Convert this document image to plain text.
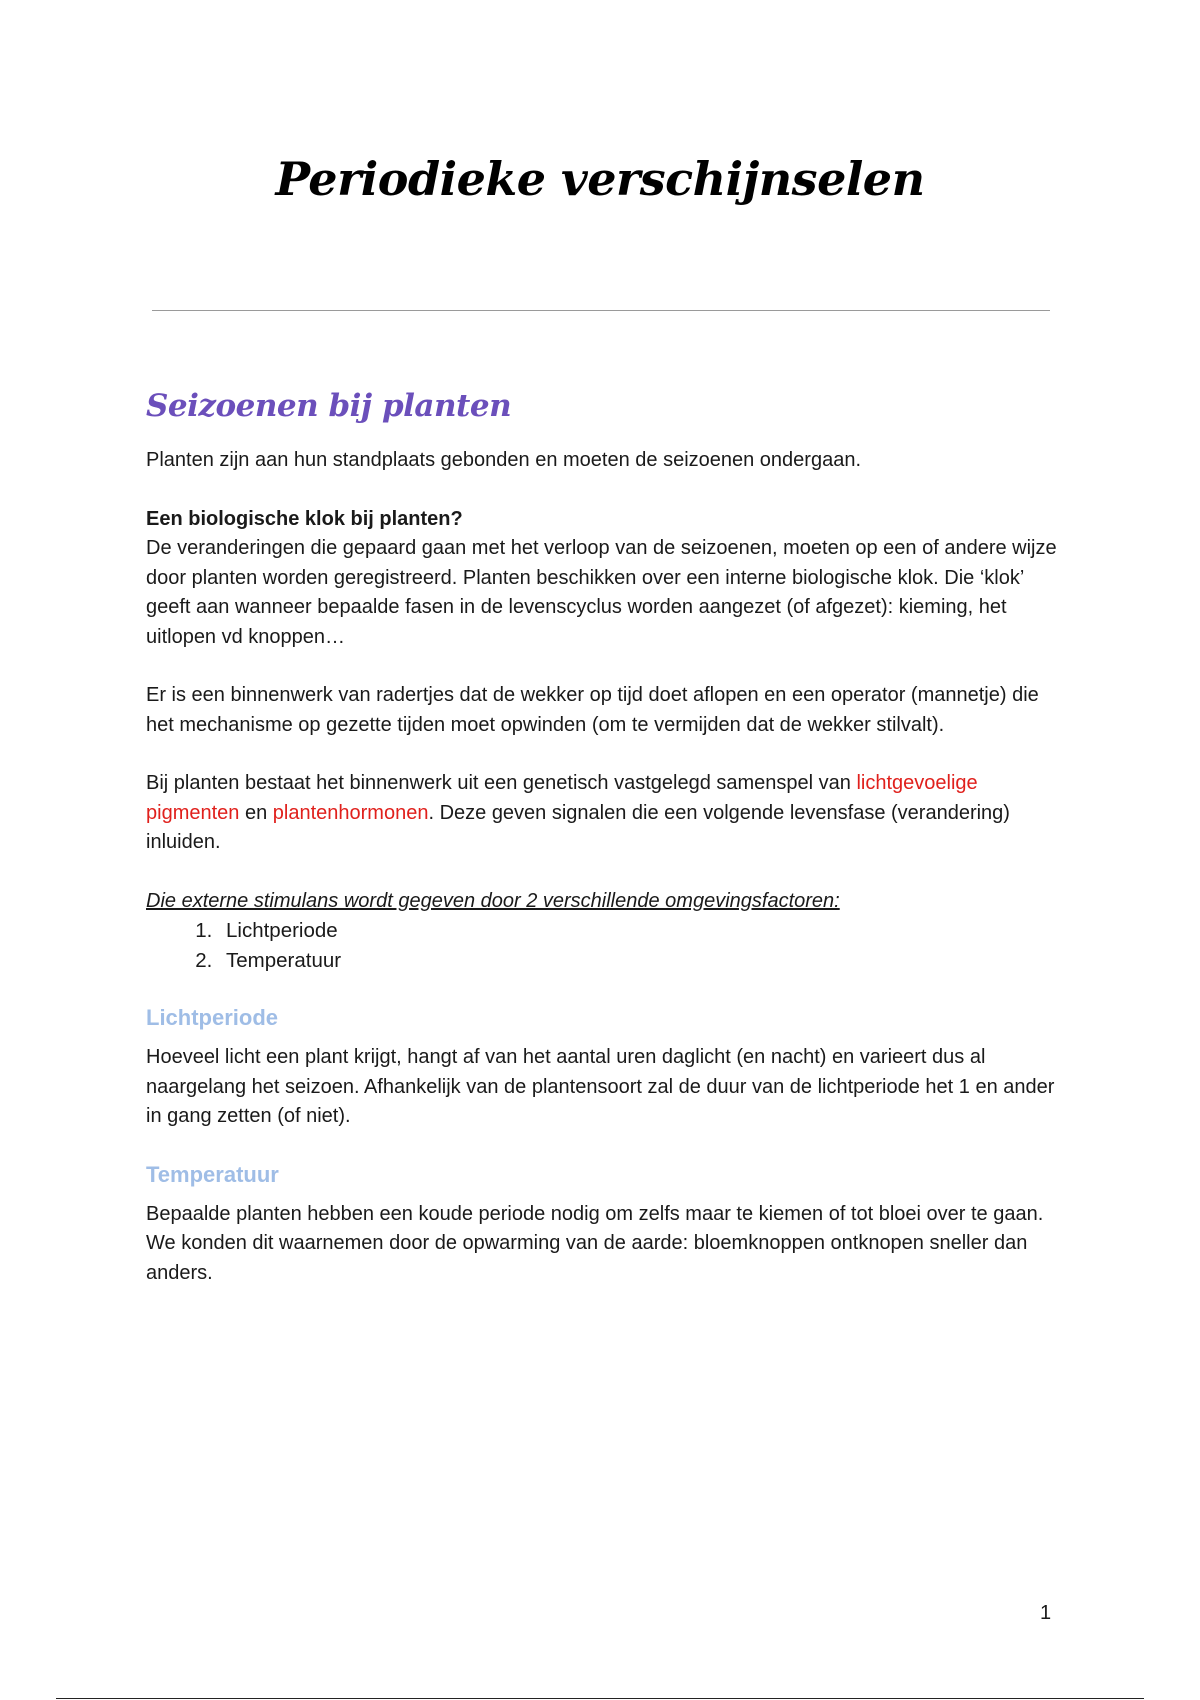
Periodieke verschijnselen
Seizoenen bij planten

Planten zijn aan hun standplaats gebonden en moeten de seizoenen ondergaan.

Een biologische klok bij planten?

De veranderingen die gepaard gaan met het verloop van de seizoenen, moeten op een of andere wijze door planten worden geregistreerd. Planten beschikken over een interne biologische klok. Die ‘klok’ geeft aan wanneer bepaalde fasen in de levenscyclus worden aangezet (of afgezet): kieming, het uitlopen vd knoppen…

Er is een binnenwerk van radertjes dat de wekker op tijd doet aflopen en een operator (mannetje) die het mechanisme op gezette tijden moet opwinden (om te vermijden dat de wekker stilvalt).

Bij planten bestaat het binnenwerk uit een genetisch vastgelegd samenspel van lichtgevoelige pigmenten en plantenhormonen. Deze geven signalen die een volgende levensfase (verandering) inluiden.

Die externe stimulans wordt gegeven door 2 verschillende omgevingsfactoren:

1. Lichtperiode
2. Temperatuur
Lichtperiode

Hoeveel licht een plant krijgt, hangt af van het aantal uren daglicht (en nacht) en varieert dus al naargelang het seizoen. Afhankelijk van de plantensoort zal de duur van de lichtperiode het 1 en ander in gang zetten (of niet).

Temperatuur

Bepaalde planten hebben een koude periode nodig om zelfs maar te kiemen of tot bloei over te gaan. We konden dit waarnemen door de opwarming van de aarde: bloemknoppen ontknopen sneller dan anders.

1
